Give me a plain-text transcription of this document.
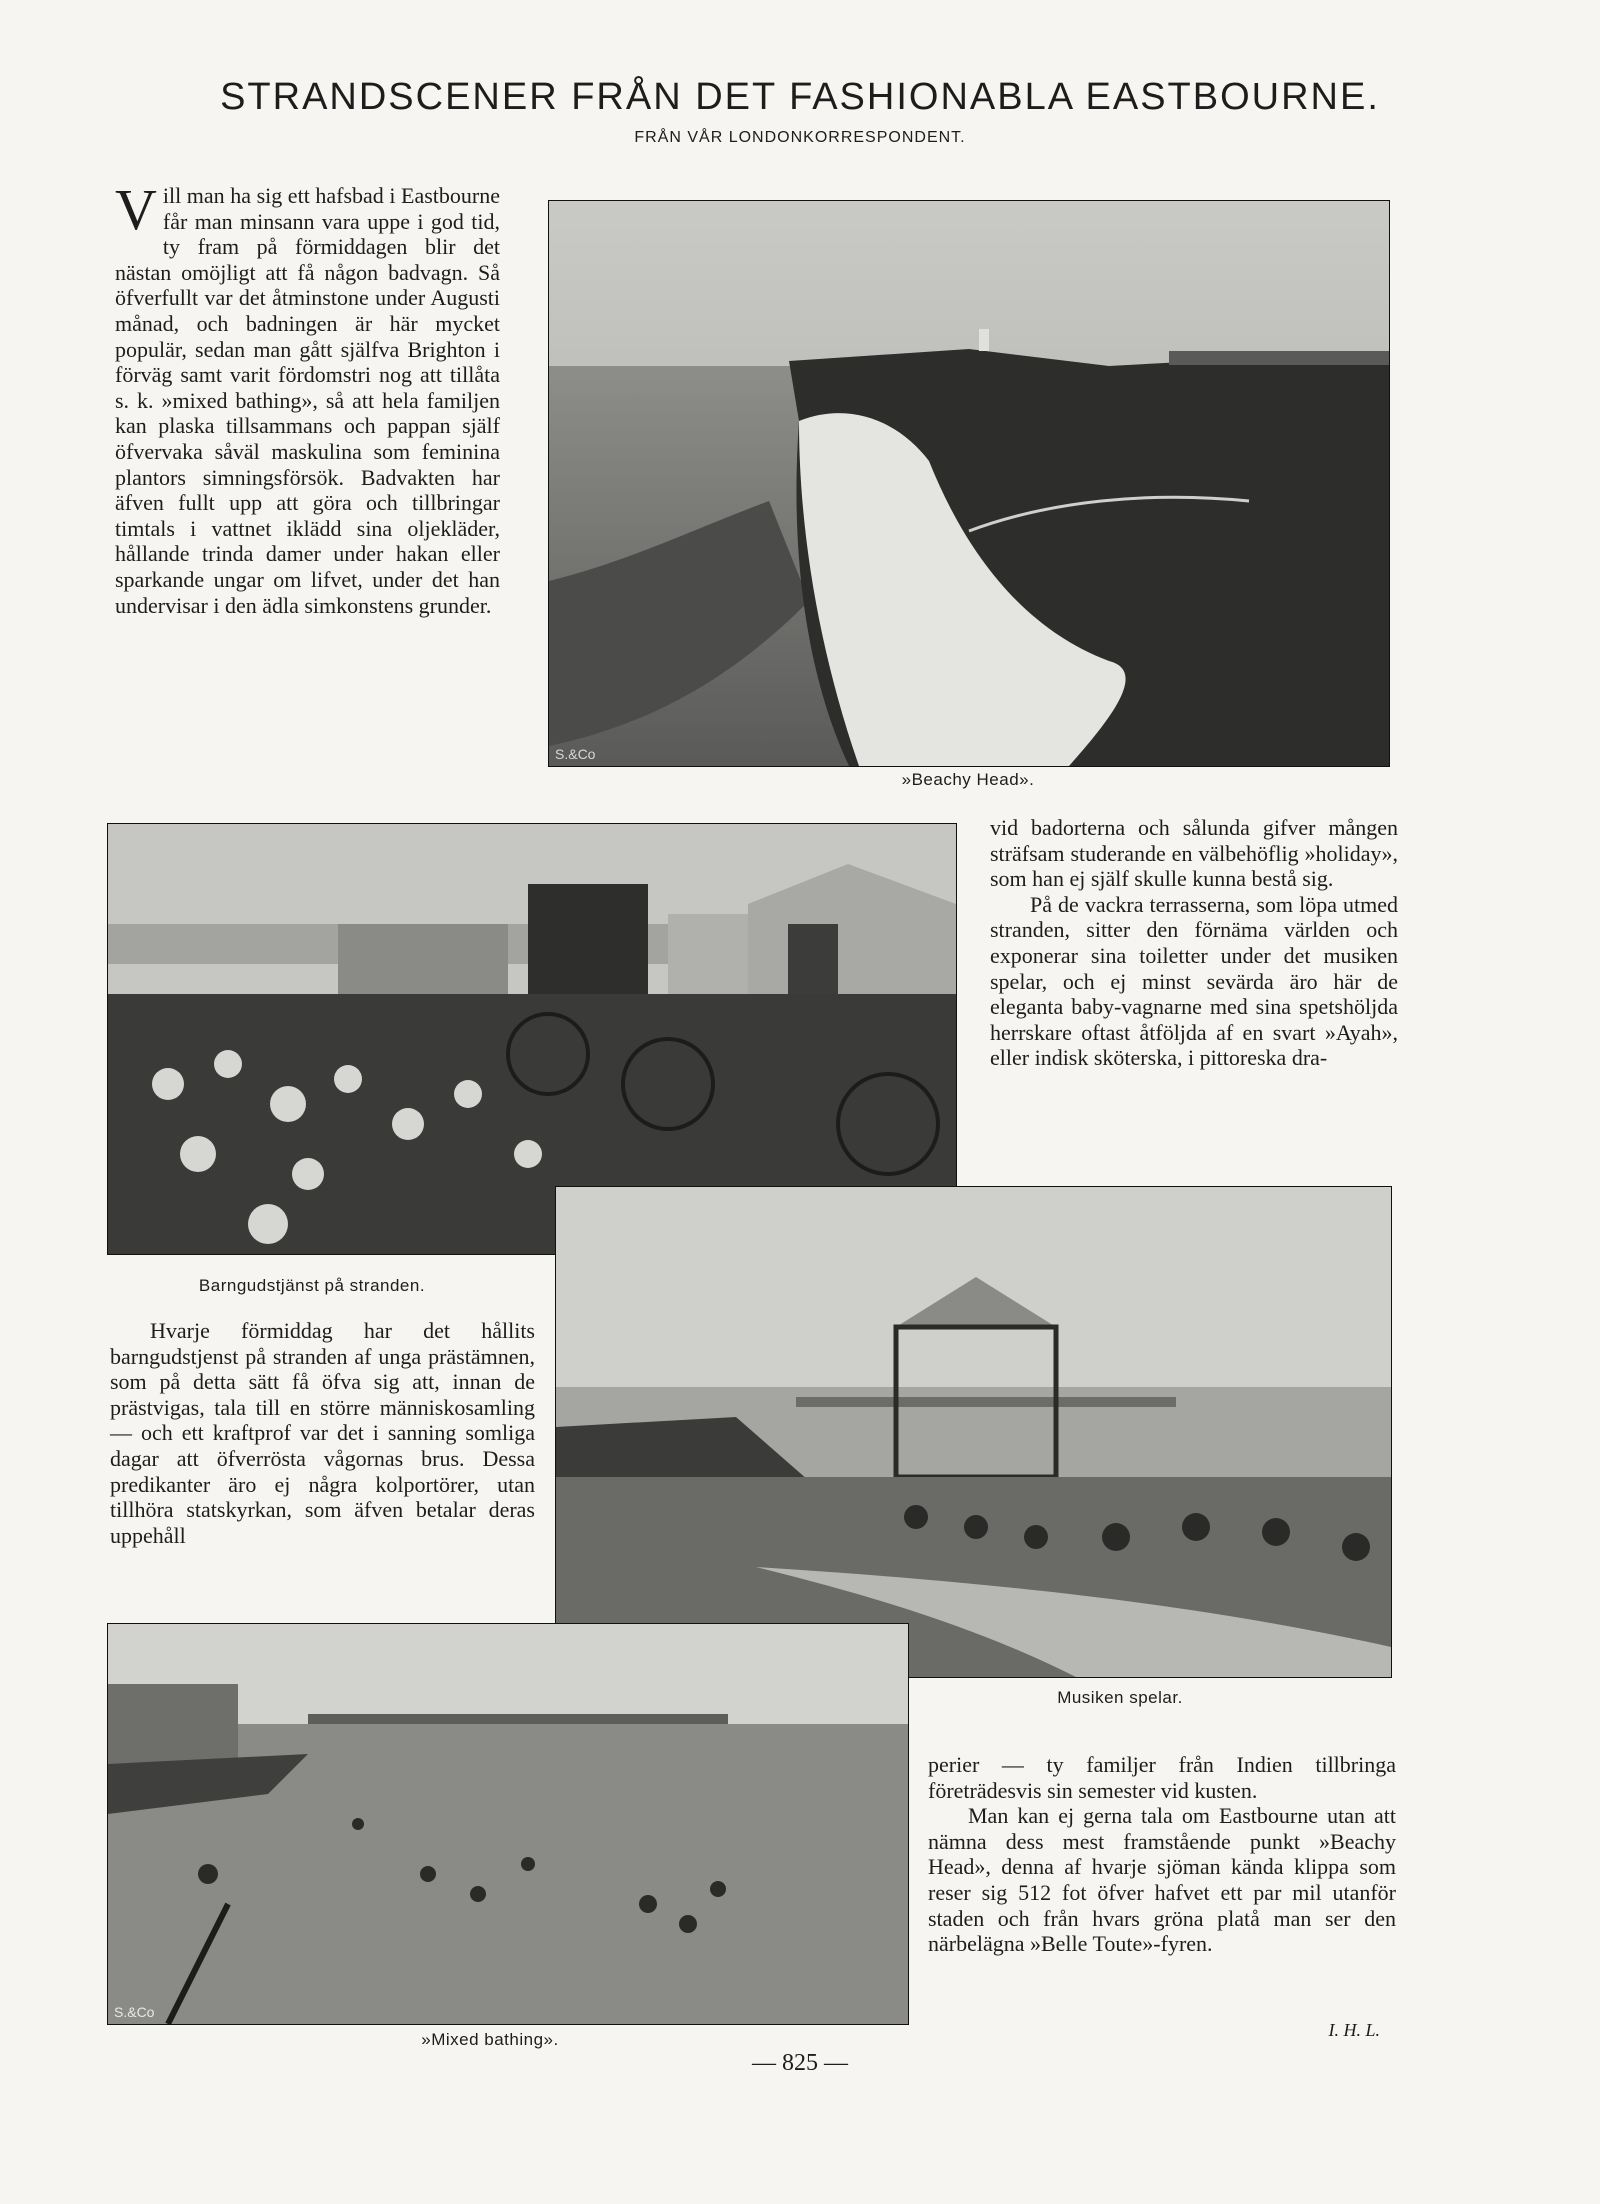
STRANDSCENER FRÅN DET FASHIONABLA EASTBOURNE.
FRÅN VÅR LONDONKORRESPONDENT.

Vill man ha sig ett hafsbad i Eastbourne får man minsann vara uppe i god tid, ty fram på förmiddagen blir det nästan omöjligt att få någon badvagn. Så öfverfullt var det åtminstone under Augusti månad, och badningen är här mycket populär, sedan man gått själfva Brighton i förväg samt varit fördomstri nog att tillåta s. k. »mixed bathing», så att hela familjen kan plaska tillsammans och pappan själf öfvervaka såväl maskulina som feminina plantors simningsförsök. Badvakten har äfven fullt upp att göra och tillbringar timtals i vattnet iklädd sina oljekläder, hållande trinda damer under hakan eller sparkande ungar om lifvet, under det han undervisar i den ädla simkonstens grunder.

S.&Co
»Beachy Head».
Barngudstjänst på stranden.

vid badorterna och sålunda gifver mången sträfsam studerande en välbehöflig »holiday», som han ej själf skulle kunna bestå sig.

På de vackra terrasserna, som löpa utmed stranden, sitter den förnäma världen och exponerar sina toiletter under det musiken spelar, och ej minst sevärda äro här de eleganta baby-vagnarne med sina spetshöljda herrskare oftast åtföljda af en svart »Ayah», eller indisk sköterska, i pittoreska dra-

Musiken spelar.

Hvarje förmiddag har det hållits barngudstjenst på stranden af unga prästämnen, som på detta sätt få öfva sig att, innan de prästvigas, tala till en större människosamling — och ett kraftprof var det i sanning somliga dagar att öfverrösta vågornas brus. Dessa predikanter äro ej några kolportörer, utan tillhöra statskyrkan, som äfven betalar deras uppehåll

S.&Co
»Mixed bathing».

perier — ty familjer från Indien tillbringa företrädesvis sin semester vid kusten.

Man kan ej gerna tala om Eastbourne utan att nämna dess mest framstående punkt »Beachy Head», denna af hvarje sjöman kända klippa som reser sig 512 fot öfver hafvet ett par mil utanför staden och från hvars gröna platå man ser den närbelägna »Belle Toute»-fyren.

I. H. L.
— 825 —
